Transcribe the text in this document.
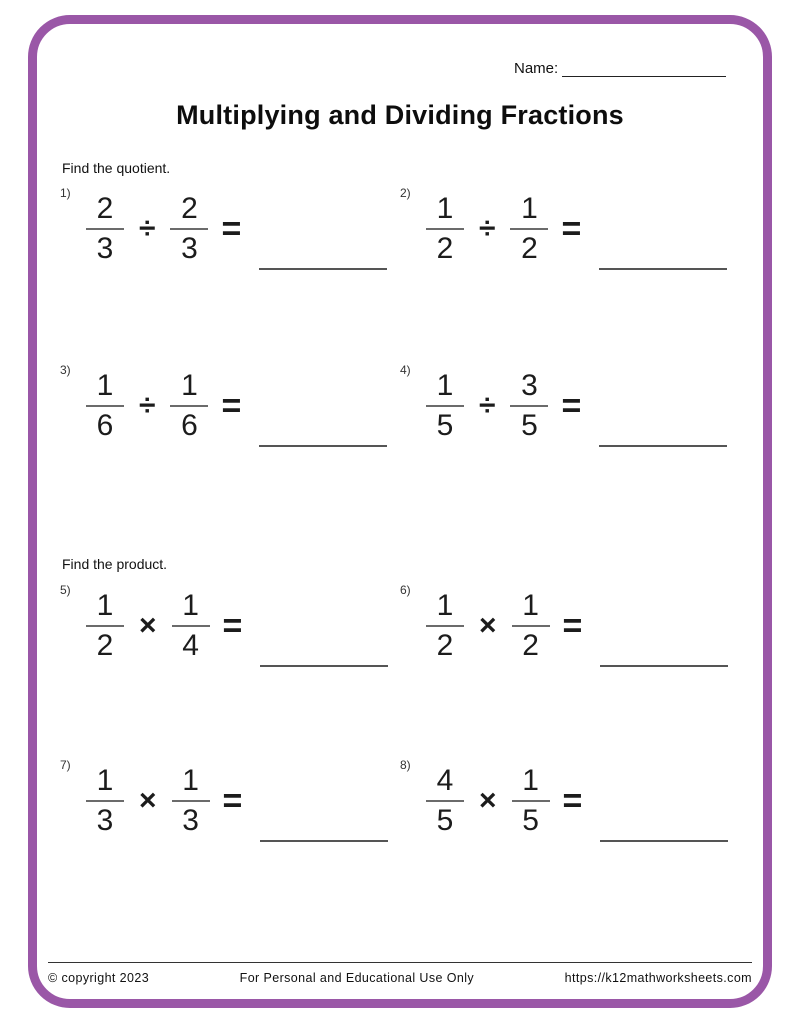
Name:
Multiplying and Dividing Fractions
Find the quotient.
Find the product.
$1) \frac{2}{3} \div \frac{2}{3}$ =
$2) \frac{1}{2} \div \frac{1}{2}$ =
$3) \frac{1}{6} \div \frac{1}{6}$ =
$4) \frac{1}{5} \div \frac{3}{5}$ =
$5) \frac{1}{2} \times \frac{1}{4}$ =
$6) \frac{1}{2} \times \frac{1}{2}$ =
$7) \frac{1}{3} \times \frac{1}{3}$ =
$8) \frac{4}{5} \times \frac{1}{5}$ =
© copyright 2023	For Personal and Educational Use Only	https://k12mathworksheets.com
